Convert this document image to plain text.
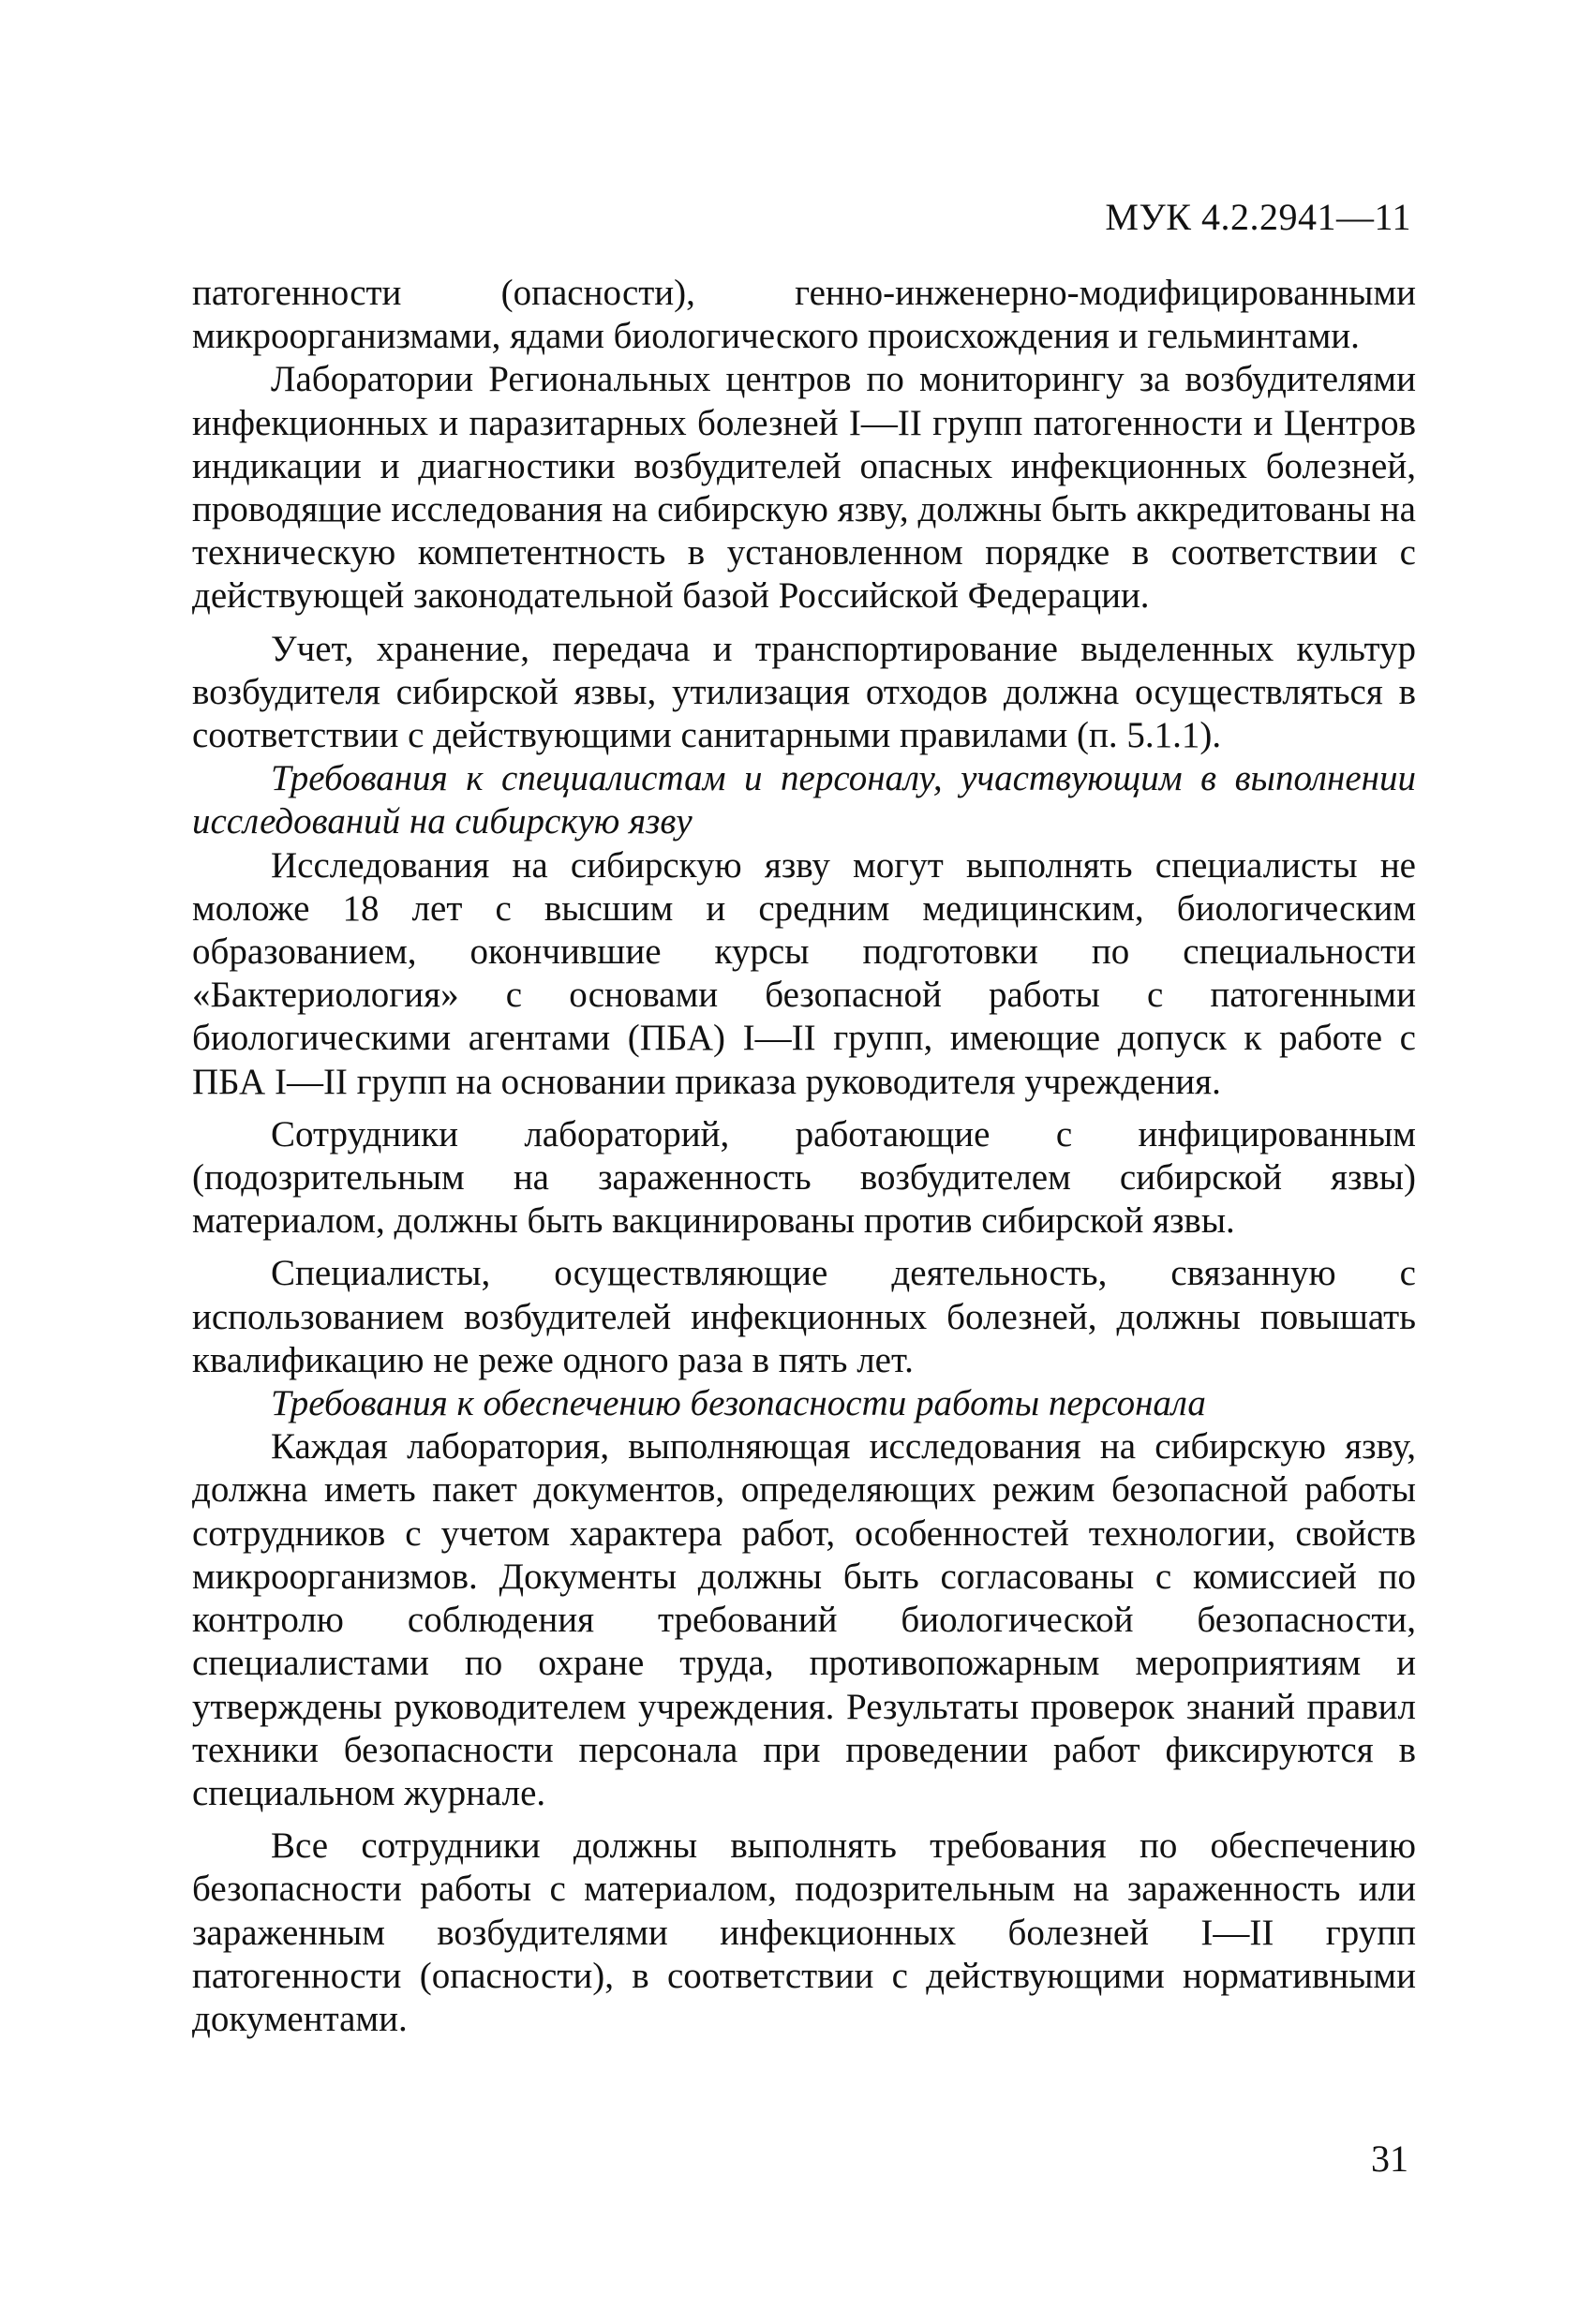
МУК 4.2.2941—11

патогенности (опасности), генно-инженерно-модифицированными микроорганизмами, ядами биологического происхождения и гельминтами.

Лаборатории Региональных центров по мониторингу за возбудителями инфекционных и паразитарных болезней I—II групп патогенности и Центров индикации и диагностики возбудителей опасных инфекционных болезней, проводящие исследования на сибирскую язву, должны быть аккредитованы на техническую компетентность в установленном порядке в соответствии с действующей законодательной базой Российской Федерации.

Учет, хранение, передача и транспортирование выделенных культур возбудителя сибирской язвы, утилизация отходов должна осуществляться в соответствии с действующими санитарными правилами (п. 5.1.1).

Требования к специалистам и персоналу, участвующим в выполнении исследований на сибирскую язву

Исследования на сибирскую язву могут выполнять специалисты не моложе 18 лет с высшим и средним медицинским, биологическим образованием, окончившие курсы подготовки по специальности «Бактериология» с основами безопасной работы с патогенными биологическими агентами (ПБА) I—II групп, имеющие допуск к работе с ПБА I—II групп на основании приказа руководителя учреждения.

Сотрудники лабораторий, работающие с инфицированным (подозрительным на зараженность возбудителем сибирской язвы) материалом, должны быть вакцинированы против сибирской язвы.

Специалисты, осуществляющие деятельность, связанную с использованием возбудителей инфекционных болезней, должны повышать квалификацию не реже одного раза в пять лет.

Требования к обеспечению безопасности работы персонала

Каждая лаборатория, выполняющая исследования на сибирскую язву, должна иметь пакет документов, определяющих режим безопасной работы сотрудников с учетом характера работ, особенностей технологии, свойств микроорганизмов. Документы должны быть согласованы с комиссией по контролю соблюдения требований биологической безопасности, специалистами по охране труда, противопожарным мероприятиям и утверждены руководителем учреждения. Результаты проверок знаний правил техники безопасности персонала при проведении работ фиксируются в специальном журнале.

Все сотрудники должны выполнять требования по обеспечению безопасности работы с материалом, подозрительным на зараженность или зараженным возбудителями инфекционных болезней I—II групп патогенности (опасности), в соответствии с действующими нормативными документами.

31
